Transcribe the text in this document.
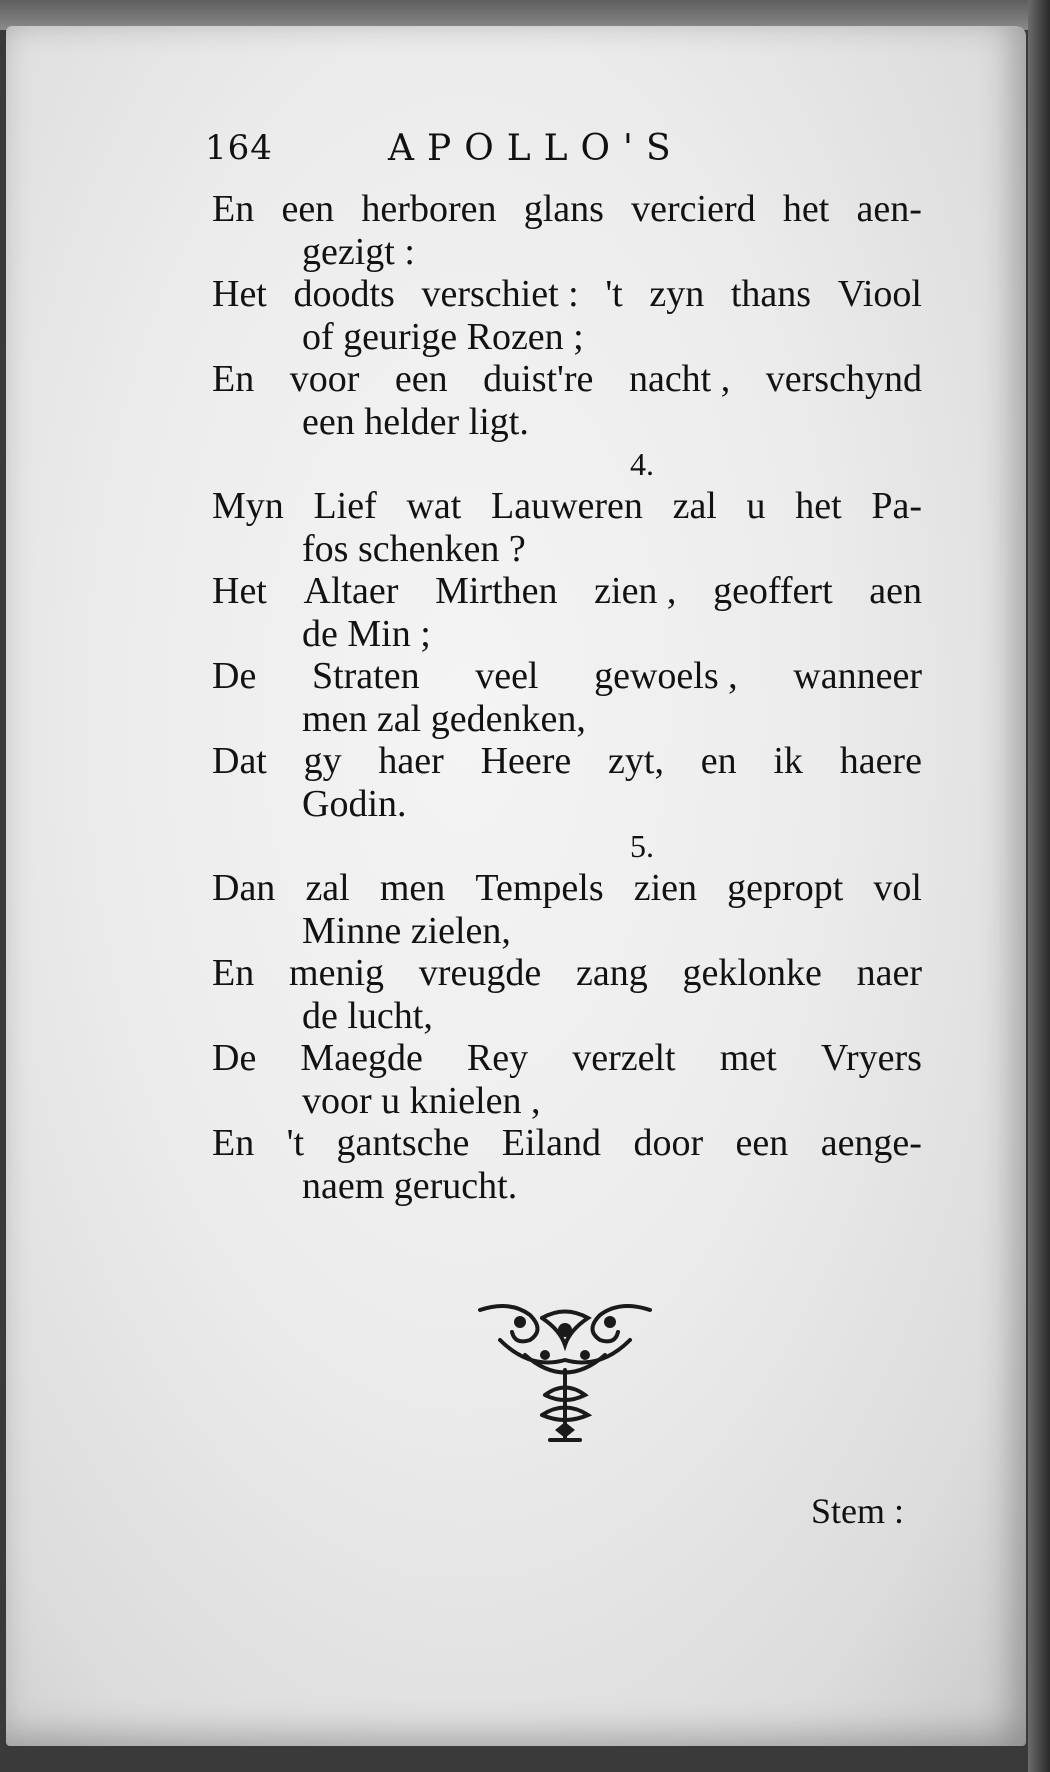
164	APOLLO'S
En een herboren glans vercierd het aen-
gezigt :
Het doodts verschiet : 't zyn thans Viool
of geurige Rozen ;
En voor een duist're nacht , verschynd
een helder ligt.
4.
Myn Lief wat Lauweren zal u het Pa-
fos schenken ?
Het Altaer Mirthen zien , geoffert aen
de Min ;
De Straten veel gewoels , wanneer
men zal gedenken,
Dat gy haer Heere zyt, en ik haere
Godin.
5.
Dan zal men Tempels zien gepropt vol
Minne zielen,
En menig vreugde zang geklonke naer
de lucht,
De Maegde Rey verzelt met Vryers
voor u knielen ,
En 't gantsche Eiland door een aenge-
naem gerucht.
Stem :
